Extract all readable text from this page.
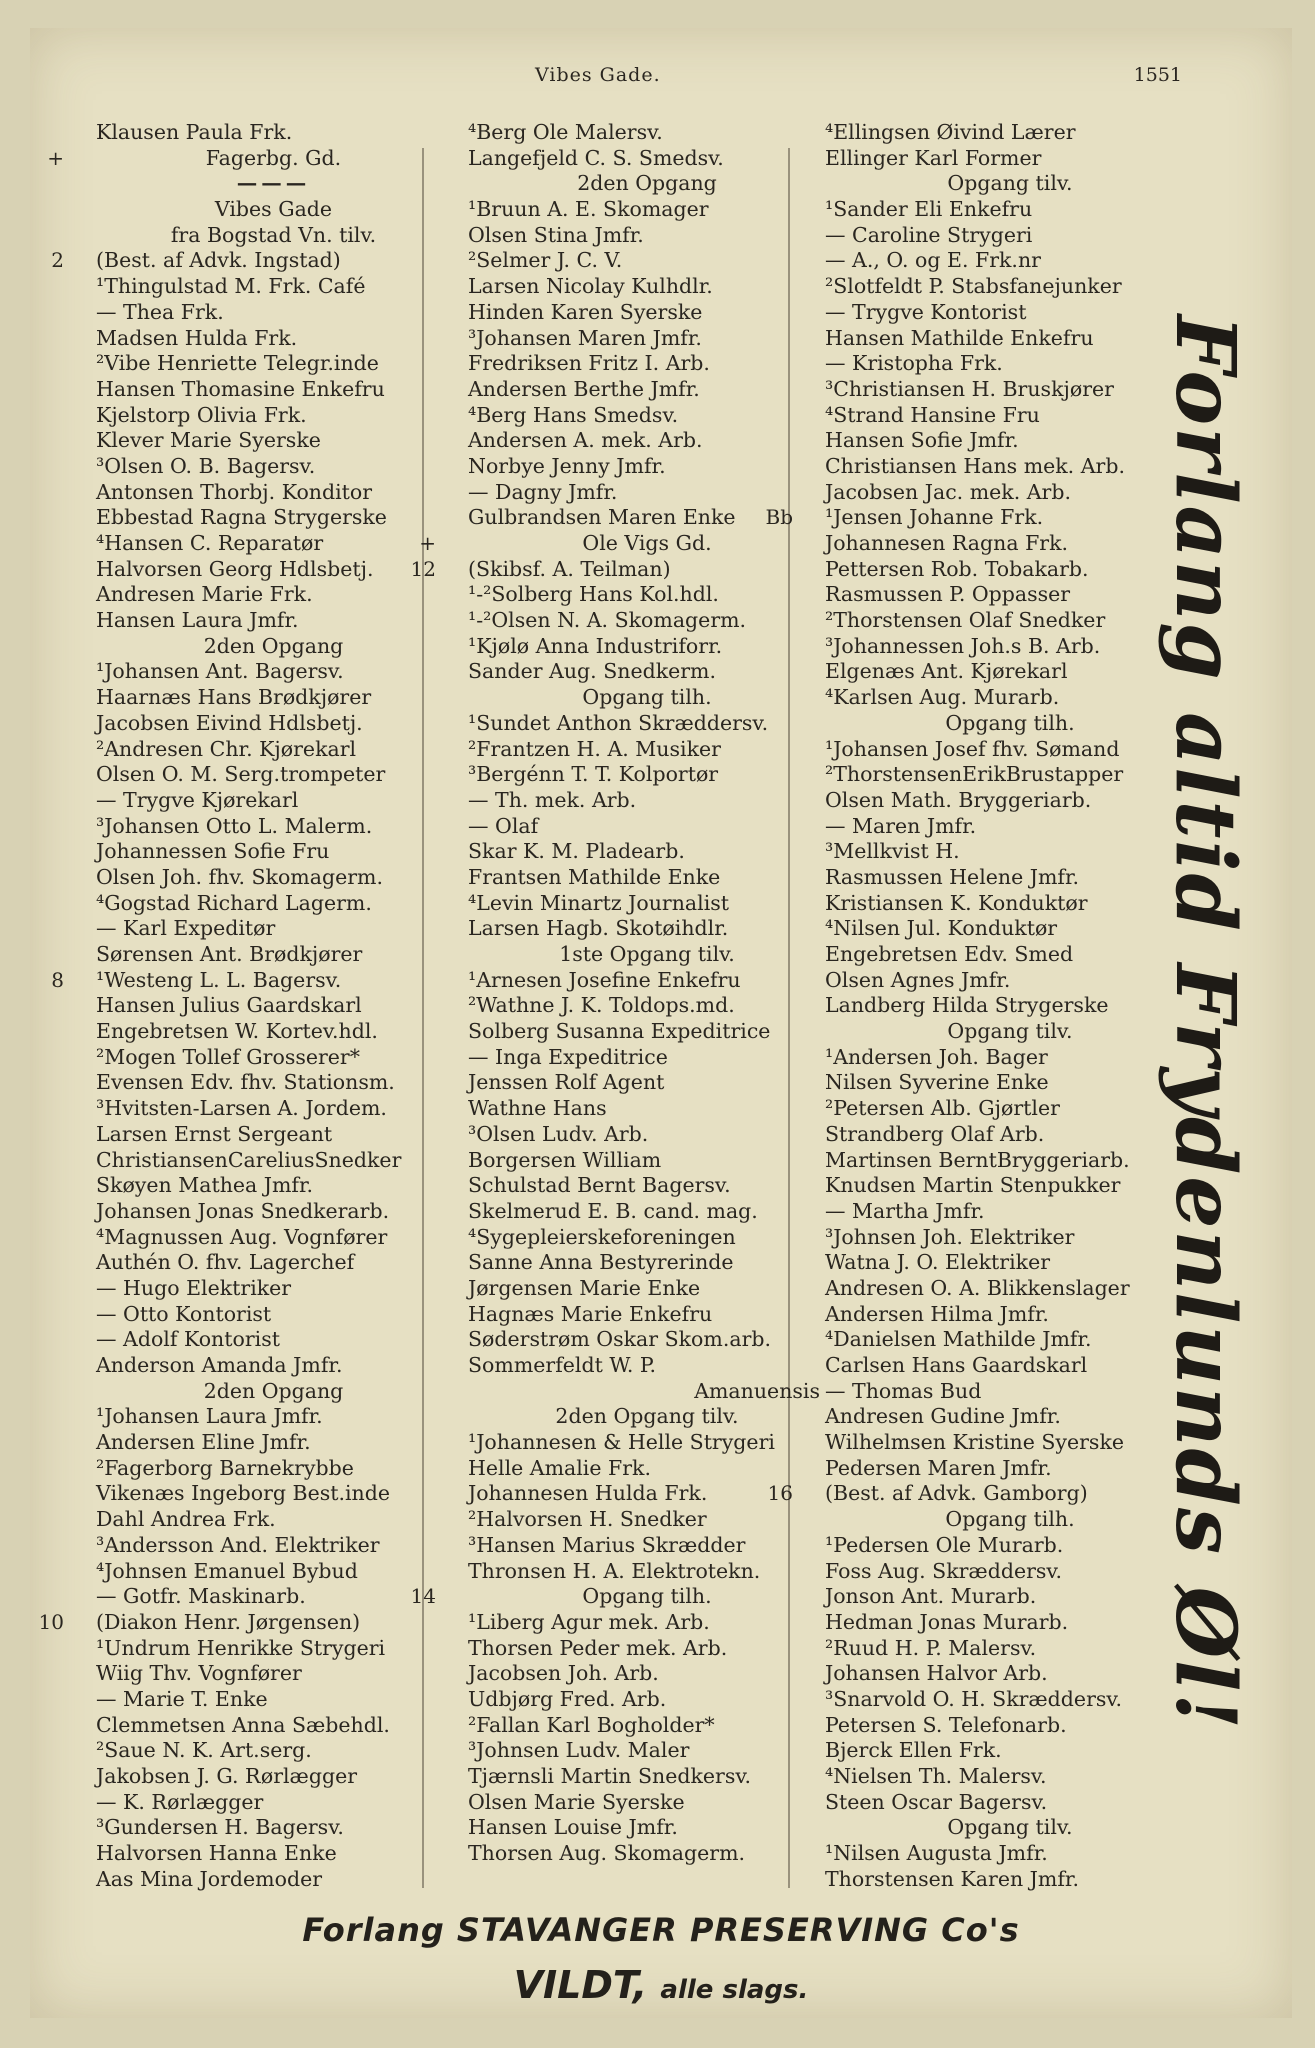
Vibes Gade.	1551
Klausen Paula Frk.
+	Fagerbg. Gd.
———
Vibes Gade
fra Bogstad Vn. tilv.
2	(Best. af Advk. Ingstad)
¹Thingulstad M. Frk. Café
— Thea Frk.
Madsen Hulda Frk.
²Vibe Henriette Telegr.inde
Hansen Thomasine Enkefru
Kjelstorp Olivia Frk.
Klever Marie Syerske
³Olsen O. B. Bagersv.
Antonsen Thorbj. Konditor
Ebbestad Ragna Strygerske
⁴Hansen C. Reparatør
Halvorsen Georg Hdlsbetj.
Andresen Marie Frk.
Hansen Laura Jmfr.
2den Opgang
¹Johansen Ant. Bagersv.
Haarnæs Hans Brødkjører
Jacobsen Eivind Hdlsbetj.
²Andresen Chr. Kjørekarl
Olsen O. M. Serg.trompeter
— Trygve Kjørekarl
³Johansen Otto L. Malerm.
Johannessen Sofie Fru
Olsen Joh. fhv. Skomagerm.
⁴Gogstad Richard Lagerm.
— Karl Expeditør
Sørensen Ant. Brødkjører
8	¹Westeng L. L. Bagersv.
Hansen Julius Gaardskarl
Engebretsen W. Kortev.hdl.
²Mogen Tollef Grosserer*
Evensen Edv. fhv. Stationsm.
³Hvitsten-Larsen A. Jordem.
Larsen Ernst Sergeant
ChristiansenCareliusSnedker
Skøyen Mathea Jmfr.
Johansen Jonas Snedkerarb.
⁴Magnussen Aug. Vognfører
Authén O. fhv. Lagerchef
— Hugo Elektriker
— Otto Kontorist
— Adolf Kontorist
Anderson Amanda Jmfr.
2den Opgang
¹Johansen Laura Jmfr.
Andersen Eline Jmfr.
²Fagerborg Barnekrybbe
Vikenæs Ingeborg Best.inde
Dahl Andrea Frk.
³Andersson And. Elektriker
⁴Johnsen Emanuel Bybud
— Gotfr. Maskinarb.
10	(Diakon Henr. Jørgensen)
¹Undrum Henrikke Strygeri
Wiig Thv. Vognfører
— Marie T. Enke
Clemmetsen Anna Sæbehdl.
²Saue N. K. Art.serg.
Jakobsen J. G. Rørlægger
— K. Rørlægger
³Gundersen H. Bagersv.
Halvorsen Hanna Enke
Aas Mina Jordemoder
⁴Berg Ole Malersv.
Langefjeld C. S. Smedsv.
2den Opgang
¹Bruun A. E. Skomager
Olsen Stina Jmfr.
²Selmer J. C. V.
Larsen Nicolay Kulhdlr.
Hinden Karen Syerske
³Johansen Maren Jmfr.
Fredriksen Fritz I. Arb.
Andersen Berthe Jmfr.
⁴Berg Hans Smedsv.
Andersen A. mek. Arb.
Norbye Jenny Jmfr.
— Dagny Jmfr.
Gulbrandsen Maren Enke
+	Ole Vigs Gd.
12	(Skibsf. A. Teilman)
¹-²Solberg Hans Kol.hdl.
¹-²Olsen N. A. Skomagerm.
¹Kjølø Anna Industriforr.
Sander Aug. Snedkerm.
Opgang tilh.
¹Sundet Anthon Skræddersv.
²Frantzen H. A. Musiker
³Bergénn T. T. Kolportør
— Th. mek. Arb.
— Olaf
Skar K. M. Pladearb.
Frantsen Mathilde Enke
⁴Levin Minartz Journalist
Larsen Hagb. Skotøihdlr.
1ste Opgang tilv.
¹Arnesen Josefine Enkefru
²Wathne J. K. Toldops.md.
Solberg Susanna Expeditrice
— Inga Expeditrice
Jenssen Rolf Agent
Wathne Hans
³Olsen Ludv. Arb.
Borgersen William
Schulstad Bernt Bagersv.
Skelmerud E. B. cand. mag.
⁴Sygepleierskeforeningen
Sanne Anna Bestyrerinde
Jørgensen Marie Enke
Hagnæs Marie Enkefru
Søderstrøm Oskar Skom.arb.
Sommerfeldt W. P.
Amanuensis
2den Opgang tilv.
¹Johannesen & Helle Strygeri
Helle Amalie Frk.
Johannesen Hulda Frk.
²Halvorsen H. Snedker
³Hansen Marius Skrædder
Thronsen H. A. Elektrotekn.
14	Opgang tilh.
¹Liberg Agur mek. Arb.
Thorsen Peder mek. Arb.
Jacobsen Joh. Arb.
Udbjørg Fred. Arb.
²Fallan Karl Bogholder*
³Johnsen Ludv. Maler
Tjærnsli Martin Snedkersv.
Olsen Marie Syerske
Hansen Louise Jmfr.
Thorsen Aug. Skomagerm.
⁴Ellingsen Øivind Lærer
Ellinger Karl Former
Opgang tilv.
¹Sander Eli Enkefru
— Caroline Strygeri
— A., O. og E. Frk.nr
²Slotfeldt P. Stabsfanejunker
— Trygve Kontorist
Hansen Mathilde Enkefru
— Kristopha Frk.
³Christiansen H. Bruskjører
⁴Strand Hansine Fru
Hansen Sofie Jmfr.
Christiansen Hans mek. Arb.
Jacobsen Jac. mek. Arb.
Bb	¹Jensen Johanne Frk.
Johannesen Ragna Frk.
Pettersen Rob. Tobakarb.
Rasmussen P. Oppasser
²Thorstensen Olaf Snedker
³Johannessen Joh.s B. Arb.
Elgenæs Ant. Kjørekarl
⁴Karlsen Aug. Murarb.
Opgang tilh.
¹Johansen Josef fhv. Sømand
²ThorstensenErikBrustapper
Olsen Math. Bryggeriarb.
— Maren Jmfr.
³Mellkvist H.
Rasmussen Helene Jmfr.
Kristiansen K. Konduktør
⁴Nilsen Jul. Konduktør
Engebretsen Edv. Smed
Olsen Agnes Jmfr.
Landberg Hilda Strygerske
Opgang tilv.
¹Andersen Joh. Bager
Nilsen Syverine Enke
²Petersen Alb. Gjørtler
Strandberg Olaf Arb.
Martinsen BerntBryggeriarb.
Knudsen Martin Stenpukker
— Martha Jmfr.
³Johnsen Joh. Elektriker
Watna J. O. Elektriker
Andresen O. A. Blikkenslager
Andersen Hilma Jmfr.
⁴Danielsen Mathilde Jmfr.
Carlsen Hans Gaardskarl
— Thomas Bud
Andresen Gudine Jmfr.
Wilhelmsen Kristine Syerske
Pedersen Maren Jmfr.
16	(Best. af Advk. Gamborg)
Opgang tilh.
¹Pedersen Ole Murarb.
Foss Aug. Skræddersv.
Jonson Ant. Murarb.
Hedman Jonas Murarb.
²Ruud H. P. Malersv.
Johansen Halvor Arb.
³Snarvold O. H. Skræddersv.
Petersen S. Telefonarb.
Bjerck Ellen Frk.
⁴Nielsen Th. Malersv.
Steen Oscar Bagersv.
Opgang tilv.
¹Nilsen Augusta Jmfr.
Thorstensen Karen Jmfr.
Forlang altid Frydenlunds Øl!
Forlang STAVANGER PRESERVING Co's
VILDT, alle slags.
